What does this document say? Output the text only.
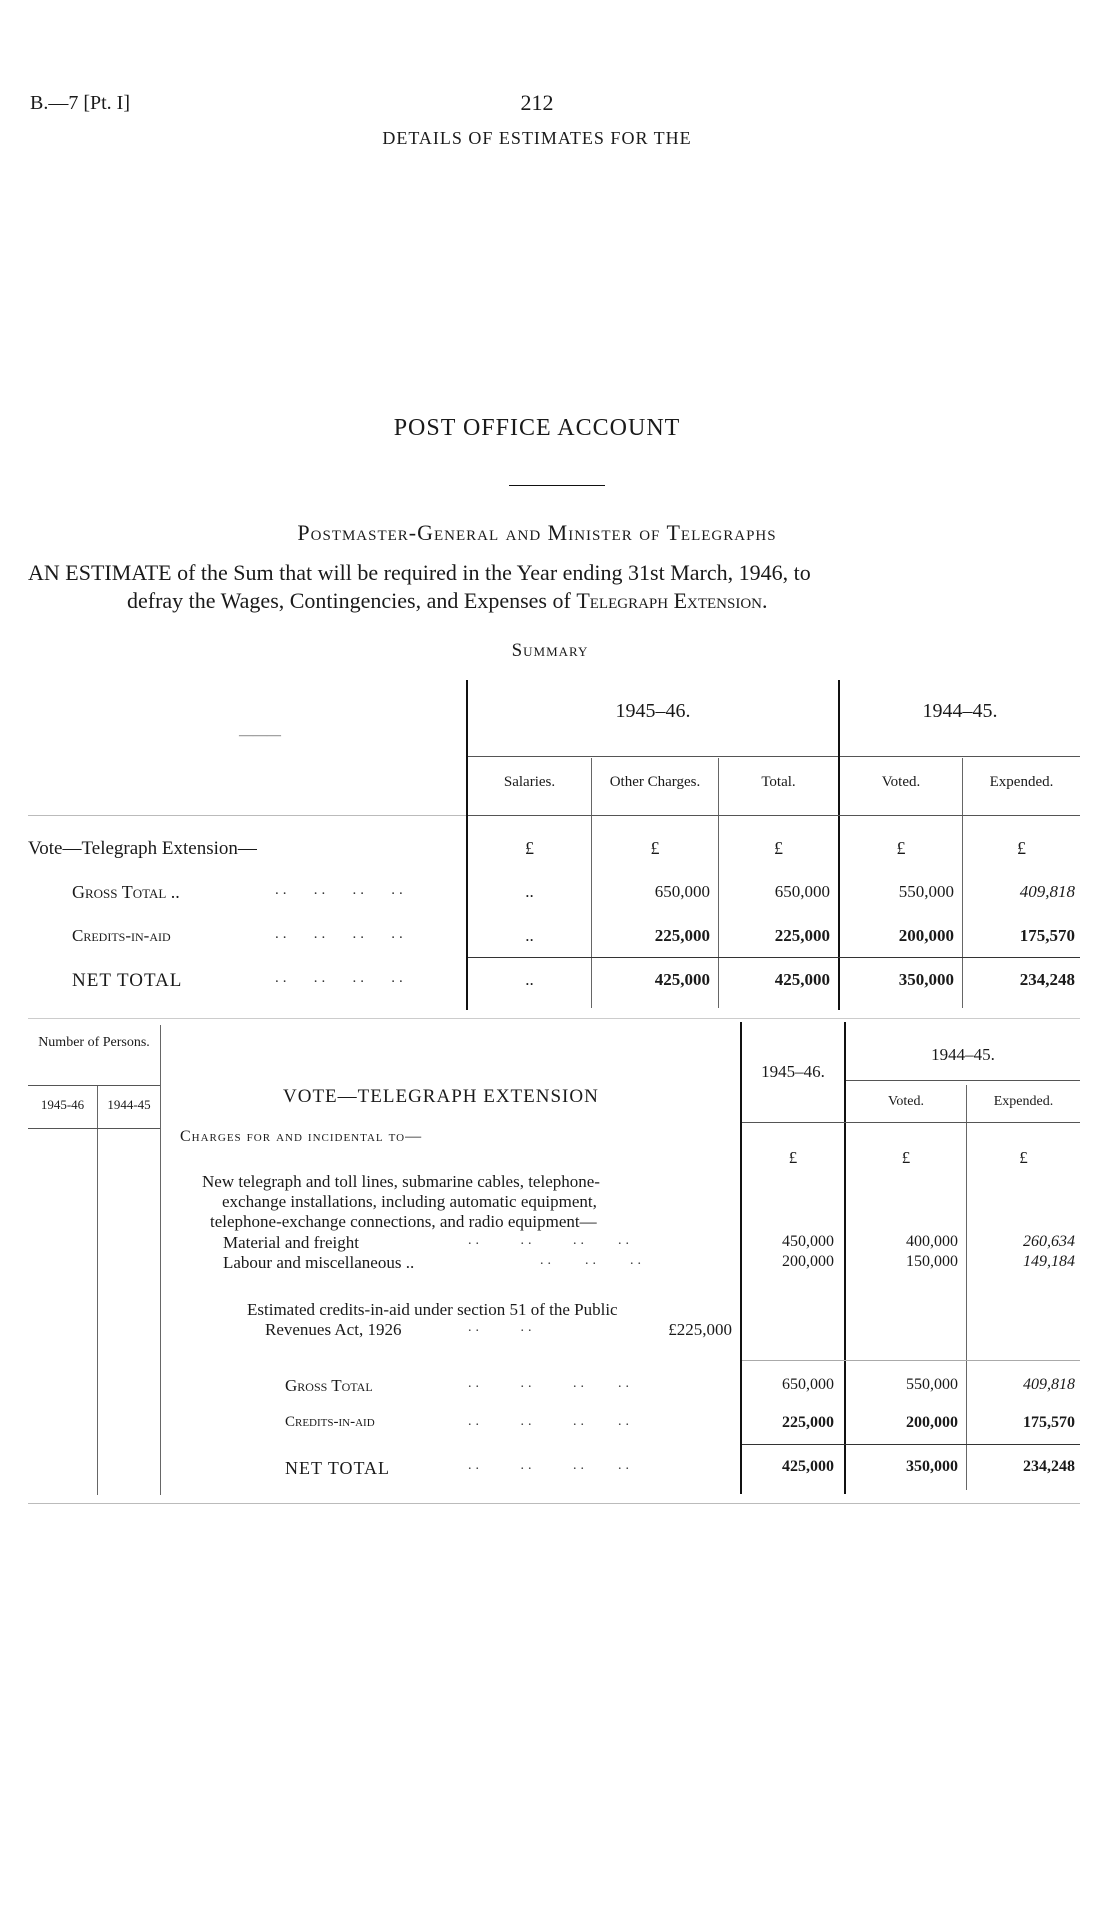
B.—7 [Pt. I]	212
DETAILS OF ESTIMATES FOR THE
POST OFFICE ACCOUNT
Postmaster-General and Minister of Telegraphs
AN ESTIMATE of the Sum that will be required in the Year ending 31st March, 1946, to
defray the Wages, Contingencies, and Expenses of Telegraph Extension.
Summary
1945–46.	1944–45.
———
Salaries.	Other Charges.	Total.	Voted.	Expended.
Vote—Telegraph Extension—	£	£	£	£	£
Gross Total ..	..   ..   ..   ..	..	650,000	650,000	550,000	409,818
Credits-in-aid	..   ..   ..   ..	..	225,000	225,000	200,000	175,570
NET TOTAL	..   ..   ..   ..	..	425,000	425,000	350,000	234,248
Number of Persons.
1945-46	1944-45	VOTE—TELEGRAPH EXTENSION
1945–46.
1944–45.
Voted.	Expended.
Charges for and incidental to—
£	£	£
New telegraph and toll lines, submarine cables, telephone-
exchange installations, including automatic equipment,
telephone-exchange connections, and radio equipment—
Material and freight	..     ..     ..    ..	450,000	400,000	260,634
Labour and miscellaneous ..	..    ..    ..	200,000	150,000	149,184
Estimated credits-in-aid under section 51 of the Public
Revenues Act, 1926	..     ..	£225,000
Gross Total	..     ..     ..    ..	650,000	550,000	409,818
Credits-in-aid	..     ..     ..    ..	225,000	200,000	175,570
NET TOTAL	..     ..     ..    ..	425,000	350,000	234,248
